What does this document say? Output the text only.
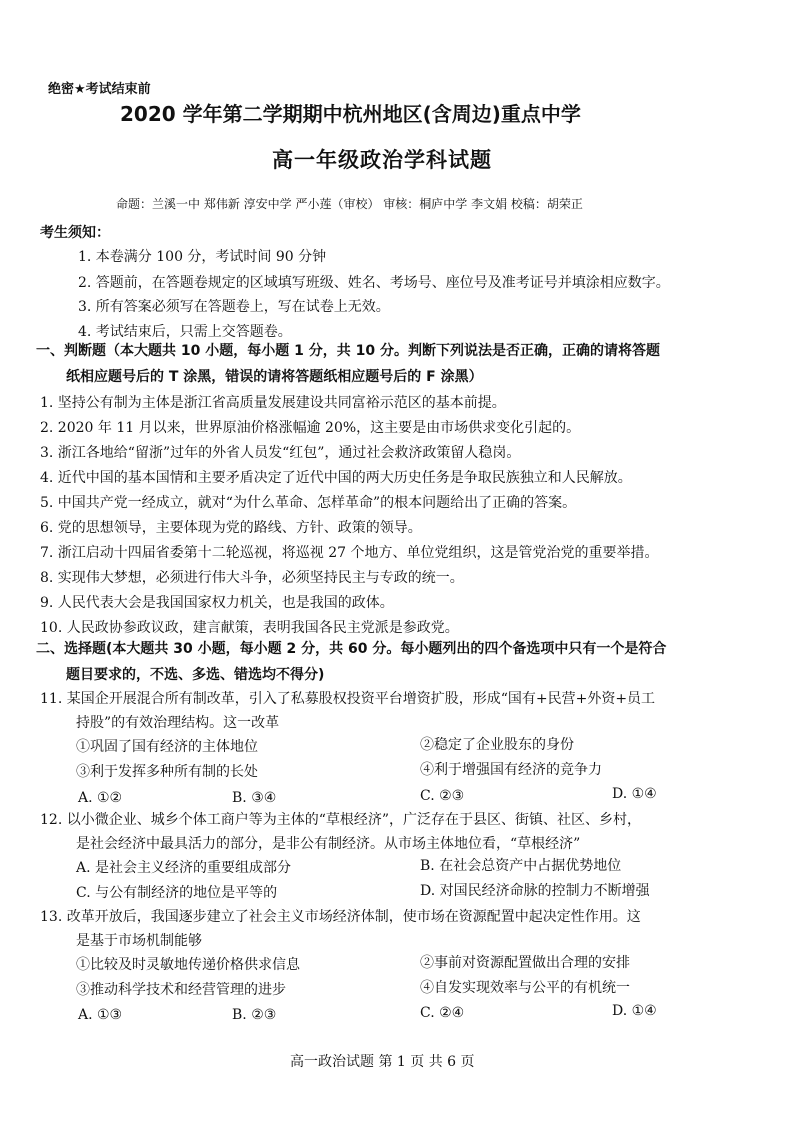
绝密★考试结束前
2020 学年第二学期期中杭州地区(含周边)重点中学
高一年级政治学科试题
命题：兰溪一中 郑伟新 淳安中学 严小莲（审校） 审核：桐庐中学 李文娟 校稿：胡荣正
考生须知：
1. 本卷满分 100 分，考试时间 90 分钟
2. 答题前，在答题卷规定的区域填写班级、姓名、考场号、座位号及准考证号并填涂相应数字。
3. 所有答案必须写在答题卷上，写在试卷上无效。
4. 考试结束后，只需上交答题卷。
一、判断题（本大题共 10 小题，每小题 1 分，共 10 分。判断下列说法是否正确，正确的请将答题
纸相应题号后的 T 涂黑，错误的请将答题纸相应题号后的 F 涂黑）
1. 坚持公有制为主体是浙江省高质量发展建设共同富裕示范区的基本前提。
2. 2020 年 11 月以来，世界原油价格涨幅逾 20%，这主要是由市场供求变化引起的。
3. 浙江各地给“留浙”过年的外省人员发“红包”，通过社会救济政策留人稳岗。
4. 近代中国的基本国情和主要矛盾决定了近代中国的两大历史任务是争取民族独立和人民解放。
5. 中国共产党一经成立，就对“为什么革命、怎样革命”的根本问题给出了正确的答案。
6. 党的思想领导，主要体现为党的路线、方针、政策的领导。
7. 浙江启动十四届省委第十二轮巡视，将巡视 27 个地方、单位党组织，这是管党治党的重要举措。
8. 实现伟大梦想，必须进行伟大斗争，必须坚持民主与专政的统一。
9. 人民代表大会是我国国家权力机关，也是我国的政体。
10. 人民政协参政议政，建言献策，表明我国各民主党派是参政党。
二、选择题(本大题共 30 小题，每小题 2 分，共 60 分。每小题列出的四个备选项中只有一个是符合
题目要求的，不选、多选、错选均不得分)
11. 某国企开展混合所有制改革，引入了私募股权投资平台增资扩股，形成“国有+民营+外资+员工
持股”的有效治理结构。这一改革
①巩固了国有经济的主体地位	②稳定了企业股东的身份
③利于发挥多种所有制的长处	④利于增强国有经济的竞争力
A. ①②	B. ③④	C. ②③	D. ①④
12. 以小微企业、城乡个体工商户等为主体的“草根经济”，广泛存在于县区、街镇、社区、乡村，
是社会经济中最具活力的部分，是非公有制经济。从市场主体地位看，“草根经济”
A. 是社会主义经济的重要组成部分	B. 在社会总资产中占据优势地位
C. 与公有制经济的地位是平等的	D. 对国民经济命脉的控制力不断增强
13. 改革开放后，我国逐步建立了社会主义市场经济体制，使市场在资源配置中起决定性作用。这
是基于市场机制能够
①比较及时灵敏地传递价格供求信息	②事前对资源配置做出合理的安排
③推动科学技术和经营管理的进步	④自发实现效率与公平的有机统一
A. ①③	B. ②③	C. ②④	D. ①④
高一政治试题 第 1 页 共 6 页
